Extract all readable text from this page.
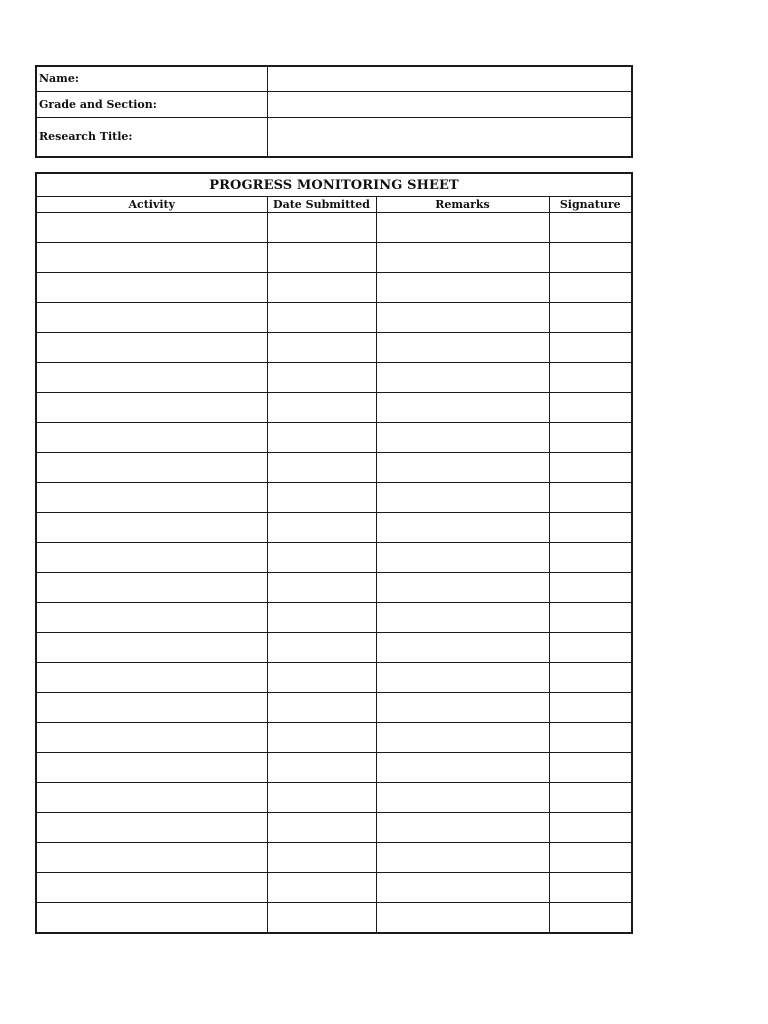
Name:	
Grade and Section:	
Research Title:	
PROGRESS MONITORING SHEET			
Activity	Date Submitted	Remarks	Signature
